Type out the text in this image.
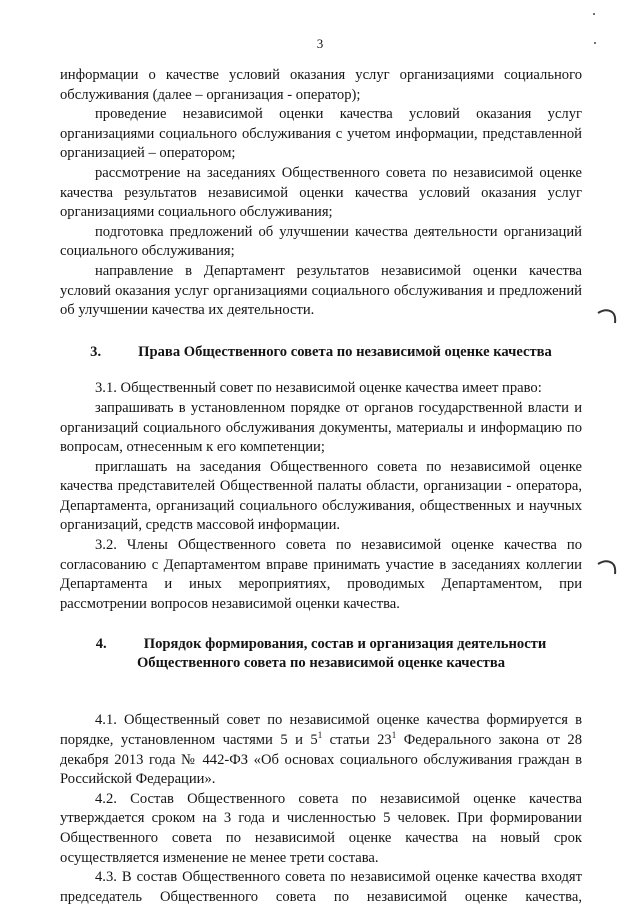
3

информации о качестве условий оказания услуг организациями социального обслуживания (далее – организация - оператор);

проведение независимой оценки качества условий оказания услуг организациями социального обслуживания с учетом информации, представленной организацией – оператором;

рассмотрение на заседаниях Общественного совета по независимой оценке качества результатов независимой оценки качества условий оказания услуг организациями социального обслуживания;

подготовка предложений об улучшении качества деятельности организаций социального обслуживания;

направление в Департамент результатов независимой оценки качества условий оказания услуг организациями социального обслуживания и предложений об улучшении качества их деятельности.

3.	Права Общественного совета по независимой оценке качества

3.1. Общественный совет по независимой оценке качества имеет право:

запрашивать в установленном порядке от органов государственной власти и организаций социального обслуживания документы, материалы и информацию по вопросам, отнесенным к его компетенции;

приглашать на заседания Общественного совета по независимой оценке качества представителей Общественной палаты области, организации - оператора, Департамента, организаций социального обслуживания, общественных и научных организаций, средств массовой информации.

3.2. Члены Общественного совета по независимой оценке качества по согласованию с Департаментом вправе принимать участие в заседаниях коллегии Департамента и иных мероприятиях, проводимых Департаментом, при рассмотрении вопросов независимой оценки качества.

4.	Порядок формирования, состав и организация деятельности
Общественного совета по независимой оценке качества

4.1. Общественный совет по независимой оценке качества формируется в порядке, установленном частями 5 и $5^1$ статьи $23^1$ Федерального закона от 28 декабря 2013 года № 442-ФЗ «Об основах социального обслуживания граждан в Российской Федерации».

4.2. Состав Общественного совета по независимой оценке качества утверждается сроком на 3 года и численностью 5 человек. При формировании Общественного совета по независимой оценке качества на новый срок осуществляется изменение не менее трети состава.

4.3. В состав Общественного совета по независимой оценке качества входят председатель Общественного совета по независимой оценке качества,
